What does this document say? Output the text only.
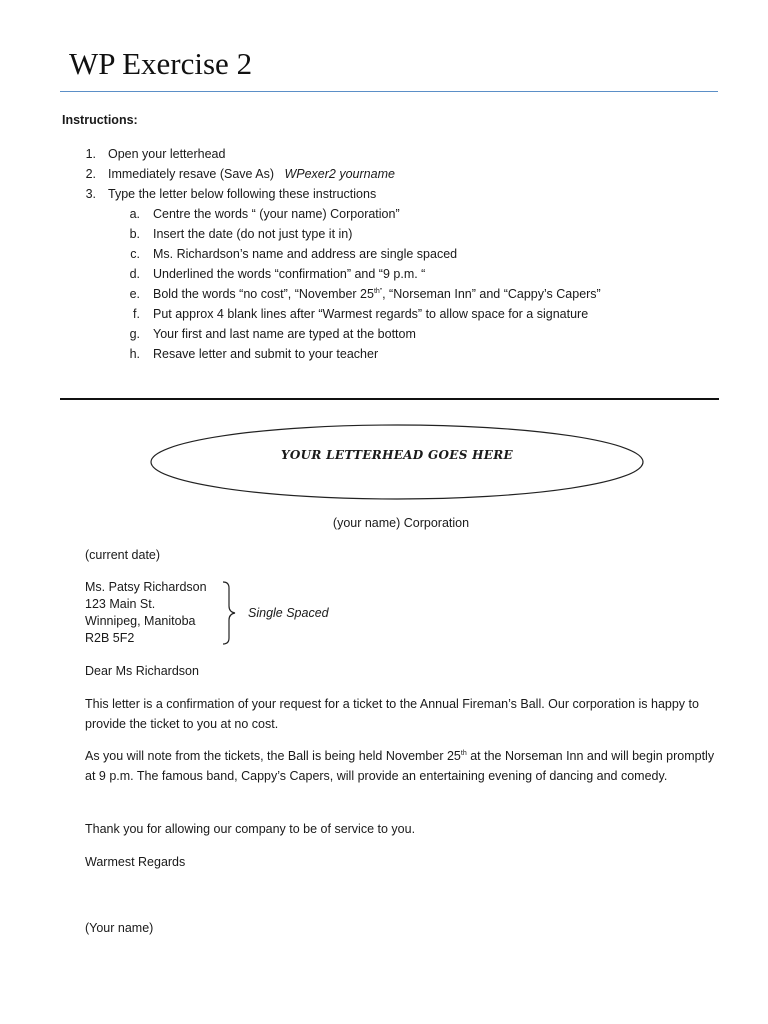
WP Exercise 2
Instructions:
1. Open your letterhead
2. Immediately resave (Save As) WPexer2 yourname
3. Type the letter below following these instructions
a. Centre the words “ (your name) Corporation”
b. Insert the date (do not just type it in)
c. Ms. Richardson’s name and address are single spaced
d. Underlined the words “confirmation” and “9 p.m. “
e. Bold the words “no cost”, “November $25^{th”}$, “Norseman Inn” and “Cappy’s Capers”
f. Put approx 4 blank lines after “Warmest regards” to allow space for a signature
g. Your first and last name are typed at the bottom
h. Resave letter and submit to your teacher
YOUR LETTERHEAD GOES HERE
(your name) Corporation
(current date)
Ms. Patsy Richardson
123 Main St.
Winnipeg, Manitoba
R2B 5F2
Single Spaced
Dear Ms Richardson
This letter is a confirmation of your request for a ticket to the Annual Fireman’s Ball. Our corporation is happy to provide the ticket to you at no cost.
As you will note from the tickets, the Ball is being held November 25th at the Norseman Inn and will begin promptly at 9 p.m. The famous band, Cappy’s Capers, will provide an entertaining evening of dancing and comedy.
Thank you for allowing our company to be of service to you.
Warmest Regards
(Your name)
